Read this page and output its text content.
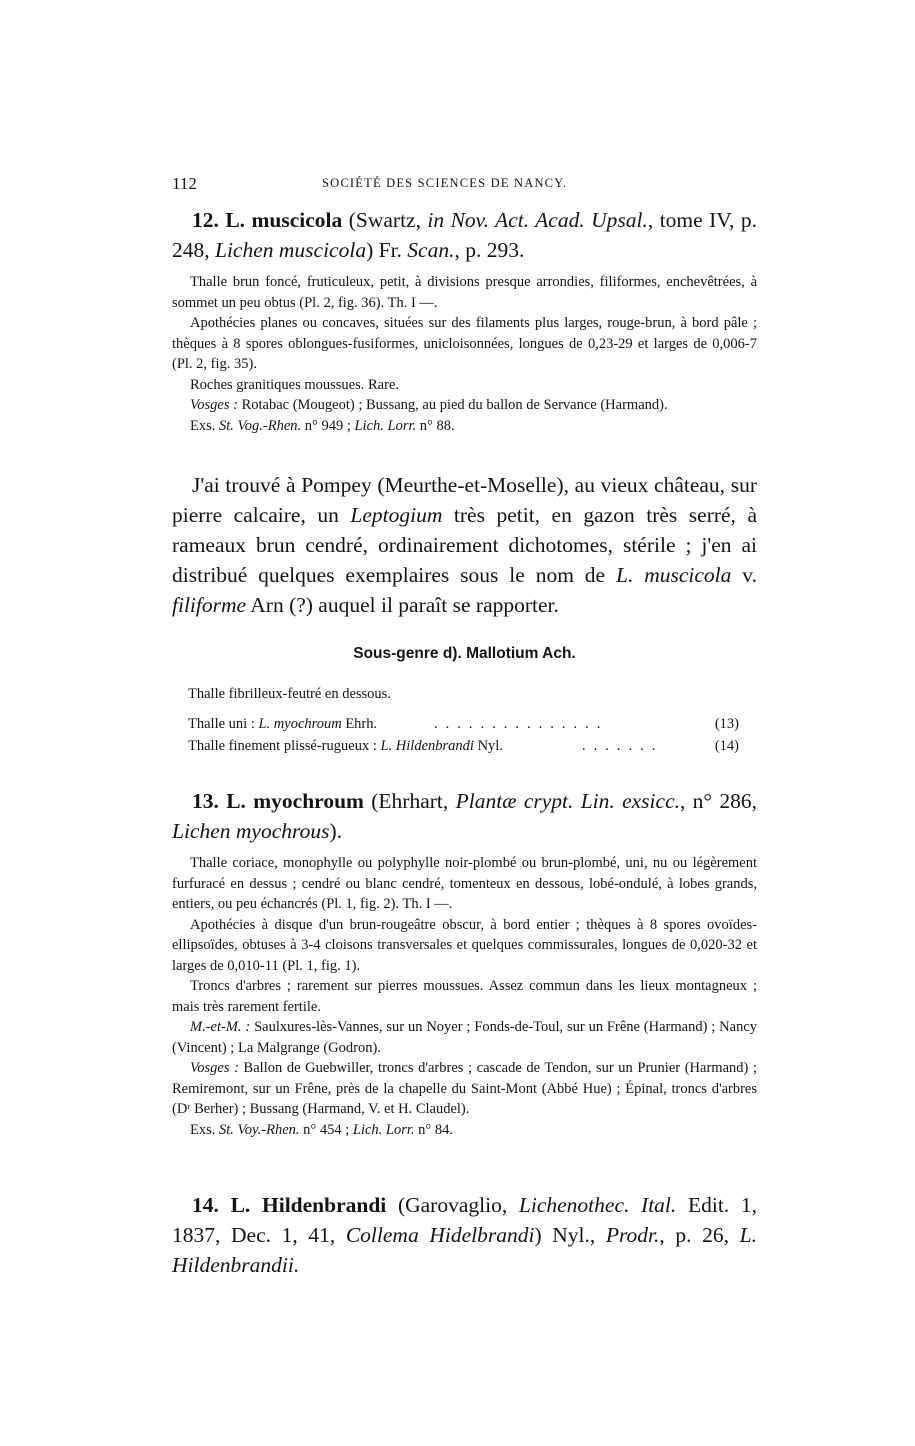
112	SOCIÉTÉ DES SCIENCES DE NANCY.
12. L. muscicola (Swartz, in Nov. Act. Acad. Upsal., tome IV, p. 248, Lichen muscicola) Fr. Scan., p. 293.

Thalle brun foncé, fruticuleux, petit, à divisions presque arrondies, filiformes, enchevêtrées, à sommet un peu obtus (Pl. 2, fig. 36). Th. I —.

Apothécies planes ou concaves, situées sur des filaments plus larges, rouge-brun, à bord pâle ; thèques à 8 spores oblongues-fusiformes, unicloisonnées, longues de 0,23-29 et larges de 0,006-7 (Pl. 2, fig. 35).

Roches granitiques moussues. Rare.

Vosges : Rotabac (Mougeot) ; Bussang, au pied du ballon de Servance (Harmand).

Exs. St. Vog.-Rhen. n° 949 ; Lich. Lorr. n° 88.

J'ai trouvé à Pompey (Meurthe-et-Moselle), au vieux château, sur pierre calcaire, un Leptogium très petit, en gazon très serré, à rameaux brun cendré, ordinairement dichotomes, stérile ; j'en ai distribué quelques exemplaires sous le nom de L. muscicola v. filiforme Arn (?) auquel il paraît se rapporter.
Sous-genre d). Mallotium Ach.
Thalle fibrilleux-feutré en dessous.
Thalle uni : L. myochroum Ehrh.	...............	(13)
Thalle finement plissé-rugueux : L. Hildenbrandi Nyl.	.......	(14)
13. L. myochroum (Ehrhart, Plantæ crypt. Lin. exsicc., n° 286, Lichen myochrous).

Thalle coriace, monophylle ou polyphylle noir-plombé ou brun-plombé, uni, nu ou légèrement furfuracé en dessus ; cendré ou blanc cendré, tomenteux en dessous, lobé-ondulé, à lobes grands, entiers, ou peu échancrés (Pl. 1, fig. 2). Th. I —.

Apothécies à disque d'un brun-rougeâtre obscur, à bord entier ; thèques à 8 spores ovoïdes-ellipsoïdes, obtuses à 3-4 cloisons transversales et quelques commissurales, longues de 0,020-32 et larges de 0,010-11 (Pl. 1, fig. 1).

Troncs d'arbres ; rarement sur pierres moussues. Assez commun dans les lieux montagneux ; mais très rarement fertile.

M.-et-M. : Saulxures-lès-Vannes, sur un Noyer ; Fonds-de-Toul, sur un Frêne (Harmand) ; Nancy (Vincent) ; La Malgrange (Godron).

Vosges : Ballon de Guebwiller, troncs d'arbres ; cascade de Tendon, sur un Prunier (Harmand) ; Remiremont, sur un Frêne, près de la chapelle du Saint-Mont (Abbé Hue) ; Épinal, troncs d'arbres (Dʳ Berher) ; Bussang (Harmand, V. et H. Claudel).

Exs. St. Voy.-Rhen. n° 454 ; Lich. Lorr. n° 84.

14. L. Hildenbrandi (Garovaglio, Lichenothec. Ital. Edit. 1, 1837, Dec. 1, 41, Collema Hidelbrandi) Nyl., Prodr., p. 26, L. Hildenbrandii.
